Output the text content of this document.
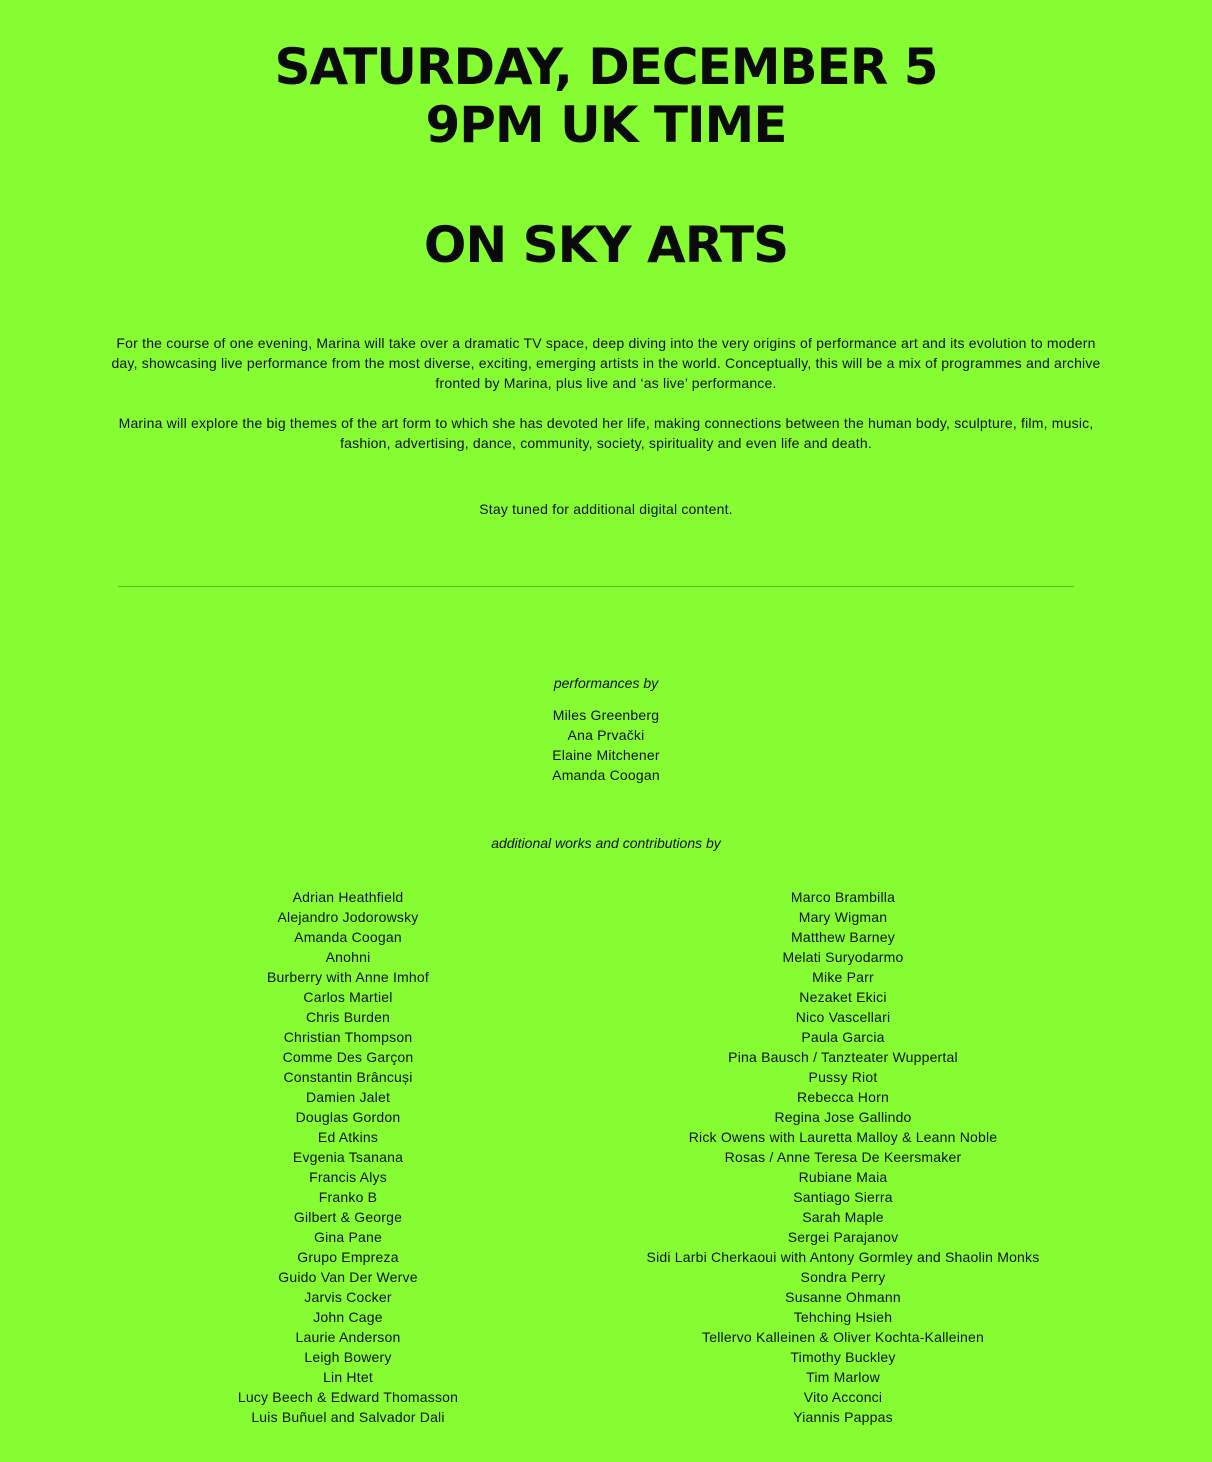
SATURDAY, DECEMBER 5
9PM UK TIME
ON SKY ARTS

For the course of one evening, Marina will take over a dramatic TV space, deep diving into the very origins of performance art and its evolution to modern day, showcasing live performance from the most diverse, exciting, emerging artists in the world. Conceptually, this will be a mix of programmes and archive fronted by Marina, plus live and ‘as live’ performance.

Marina will explore the big themes of the art form to which she has devoted her life, making connections between the human body, sculpture, film, music, fashion, advertising, dance, community, society, spirituality and even life and death.

Stay tuned for additional digital content.

performances by

Miles Greenberg
Ana Prvački
Elaine Mitchener
Amanda Coogan

additional works and contributions by

Adrian Heathfield
Alejandro Jodorowsky
Amanda Coogan
Anohni
Burberry with Anne Imhof
Carlos Martiel
Chris Burden
Christian Thompson
Comme Des Garçon
Constantin Brâncuși
Damien Jalet
Douglas Gordon
Ed Atkins
Evgenia Tsanana
Francis Alys
Franko B
Gilbert & George
Gina Pane
Grupo Empreza
Guido Van Der Werve
Jarvis Cocker
John Cage
Laurie Anderson
Leigh Bowery
Lin Htet
Lucy Beech & Edward Thomasson
Luis Buñuel and Salvador Dali
Marco Brambilla
Mary Wigman
Matthew Barney
Melati Suryodarmo
Mike Parr
Nezaket Ekici
Nico Vascellari
Paula Garcia
Pina Bausch / Tanzteater Wuppertal
Pussy Riot
Rebecca Horn
Regina Jose Gallindo
Rick Owens with Lauretta Malloy & Leann Noble
Rosas / Anne Teresa De Keersmaker
Rubiane Maia
Santiago Sierra
Sarah Maple
Sergei Parajanov
Sidi Larbi Cherkaoui with Antony Gormley and Shaolin Monks
Sondra Perry
Susanne Ohmann
Tehching Hsieh
Tellervo Kalleinen & Oliver Kochta-Kalleinen
Timothy Buckley
Tim Marlow
Vito Acconci
Yiannis Pappas
